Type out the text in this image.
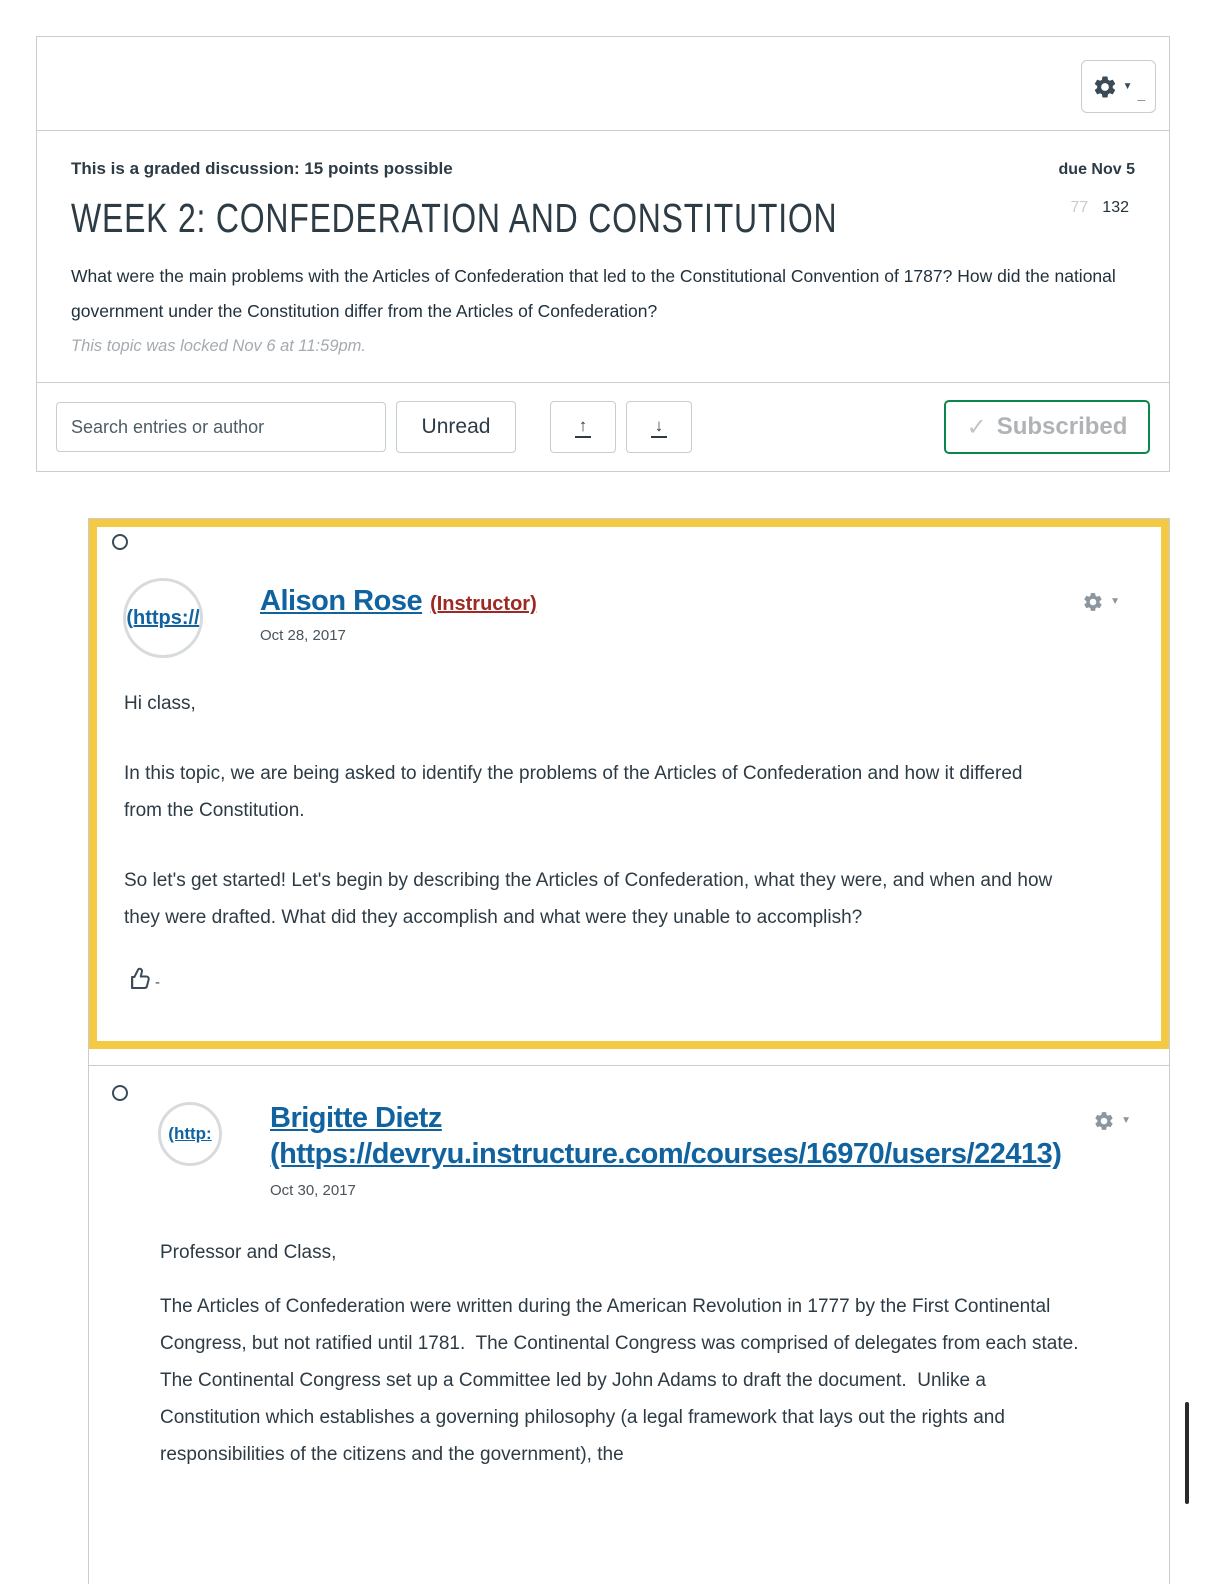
▼ _
This is a graded discussion: 15 points possible	due Nov 5
WEEK 2: CONFEDERATION AND CONSTITUTION	77 132

What were the main problems with the Articles of Confederation that led to the Constitutional Convention of 1787? How did the national government under the Constitution differ from the Articles of Confederation?

This topic was locked Nov 6 at 11:59pm.

Search entries or author
Unread	↑	↓	✓ Subscribed
(https://
▼
Alison Rose (Instructor)
Oct 28, 2017

Hi class,

In this topic, we are being asked to identify the problems of the Articles of Confederation and how it differed from the Constitution.

So let's get started! Let's begin by describing the Articles of Confederation, what they were, and when and how they were drafted. What did they accomplish and what were they unable to accomplish?

-
(http:
▼
Brigitte Dietz
(https://devryu.instructure.com/courses/16970/users/22413)
Oct 30, 2017

Professor and Class,

The Articles of Confederation were written during the American Revolution in 1777 by the First Continental Congress, but not ratified until 1781.  The Continental Congress was comprised of delegates from each state.  The Continental Congress set up a Committee led by John Adams to draft the document.  Unlike a Constitution which establishes a governing philosophy (a legal framework that lays out the rights and responsibilities of the citizens and the government), the
